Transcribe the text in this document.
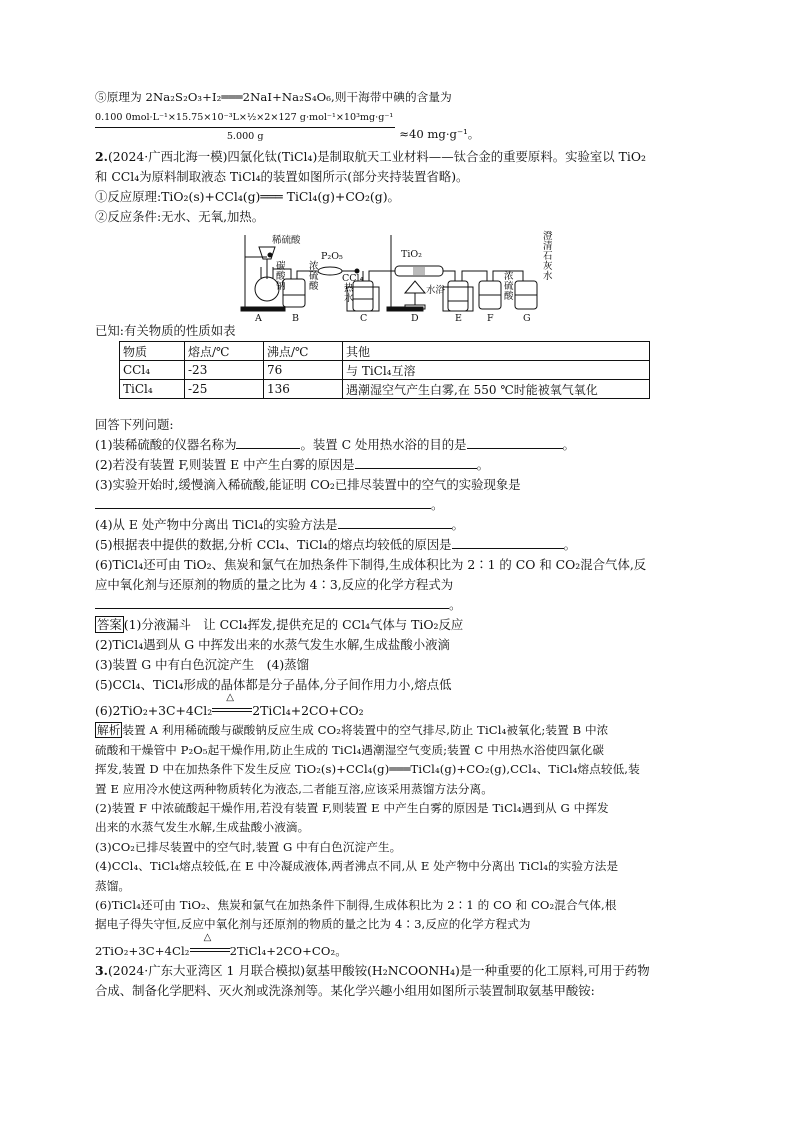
⑤原理为 2Na₂S₂O₃+I₂═══2NaI+Na₂S₄O₆,则干海带中碘的含量为
$\frac{\text{0.100 0mol·L⁻¹×15.75×10⁻³L×½×2×127 g·mol⁻¹×10³mg·g⁻¹}}{5.000 g} \approx 40$ mg·g⁻¹。
2.(2024·广西北海一模)四氯化钛(TiCl₄)是制取航天工业材料——钛合金的重要原料。实验室以 TiO₂
和 CCl₄为原料制取液态 TiCl₄的装置如图所示(部分夹持装置省略)。
①反应原理:TiO₂(s)+CCl₄(g)═══ TiCl₄(g)+CO₂(g)。
②反应条件:无水、无氧,加热。
A	B	C	D	E	F	G
稀硫酸
P₂O₅
CCl₄
TiO₂
水浴
碳
酸
钠
浓
硫
酸	热
水
浓
硫
酸
澄
清
石
灰
水
已知:有关物质的性质如表
物质	熔点/℃	沸点/℃	其他
CCl₄	-23	76	与 TiCl₄互溶
TiCl₄	-25	136	遇潮湿空气产生白雾,在 550 ℃时能被氧气氧化
回答下列问题:
(1)装稀硫酸的仪器名称为	。装置 C 处用热水浴的目的是	。
(2)若没有装置 F,则装置 E 中产生白雾的原因是	。
(3)实验开始时,缓慢滴入稀硫酸,能证明 CO₂已排尽装置中的空气的实验现象是
。
(4)从 E 处产物中分离出 TiCl₄的实验方法是	。
(5)根据表中提供的数据,分析 CCl₄、TiCl₄的熔点均较低的原因是	。
(6)TiCl₄还可由 TiO₂、焦炭和氯气在加热条件下制得,生成体积比为 2∶1 的 CO 和 CO₂混合气体,反
应中氧化剂与还原剂的物质的量之比为 4∶3,反应的化学方程式为
。
答案 (1)分液漏斗　让 CCl₄挥发,提供充足的 CCl₄气体与 TiO₂反应
(2)TiCl₄遇到从 G 中挥发出来的水蒸气发生水解,生成盐酸小液滴
(3)装置 G 中有白色沉淀产生　(4)蒸馏
(5)CCl₄、TiCl₄形成的晶体都是分子晶体,分子间作用力小,熔点低
(6)2TiO₂+3C+4Cl₂
△
2TiCl₄+2CO+CO₂
解析 装置 A 利用稀硫酸与碳酸钠反应生成 CO₂将装置中的空气排尽,防止 TiCl₄被氧化;装置 B 中浓
硫酸和干燥管中 P₂O₅起干燥作用,防止生成的 TiCl₄遇潮湿空气变质;装置 C 中用热水浴使四氯化碳
挥发,装置 D 中在加热条件下发生反应 TiO₂(s)+CCl₄(g)═══TiCl₄(g)+CO₂(g),CCl₄、TiCl₄熔点较低,装
置 E 应用冷水使这两种物质转化为液态,二者能互溶,应该采用蒸馏方法分离。
(2)装置 F 中浓硫酸起干燥作用,若没有装置 F,则装置 E 中产生白雾的原因是 TiCl₄遇到从 G 中挥发
出来的水蒸气发生水解,生成盐酸小液滴。
(3)CO₂已排尽装置中的空气时,装置 G 中有白色沉淀产生。
(4)CCl₄、TiCl₄熔点较低,在 E 中冷凝成液体,两者沸点不同,从 E 处产物中分离出 TiCl₄的实验方法是
蒸馏。
(6)TiCl₄还可由 TiO₂、焦炭和氯气在加热条件下制得,生成体积比为 2∶1 的 CO 和 CO₂混合气体,根
据电子得失守恒,反应中氧化剂与还原剂的物质的量之比为 4∶3,反应的化学方程式为
2TiO₂+3C+4Cl₂
△
2TiCl₄+2CO+CO₂。
3.(2024·广东大亚湾区 1 月联合模拟)氨基甲酸铵(H₂NCOONH₄)是一种重要的化工原料,可用于药物
合成、制备化学肥料、灭火剂或洗涤剂等。某化学兴趣小组用如图所示装置制取氨基甲酸铵:
